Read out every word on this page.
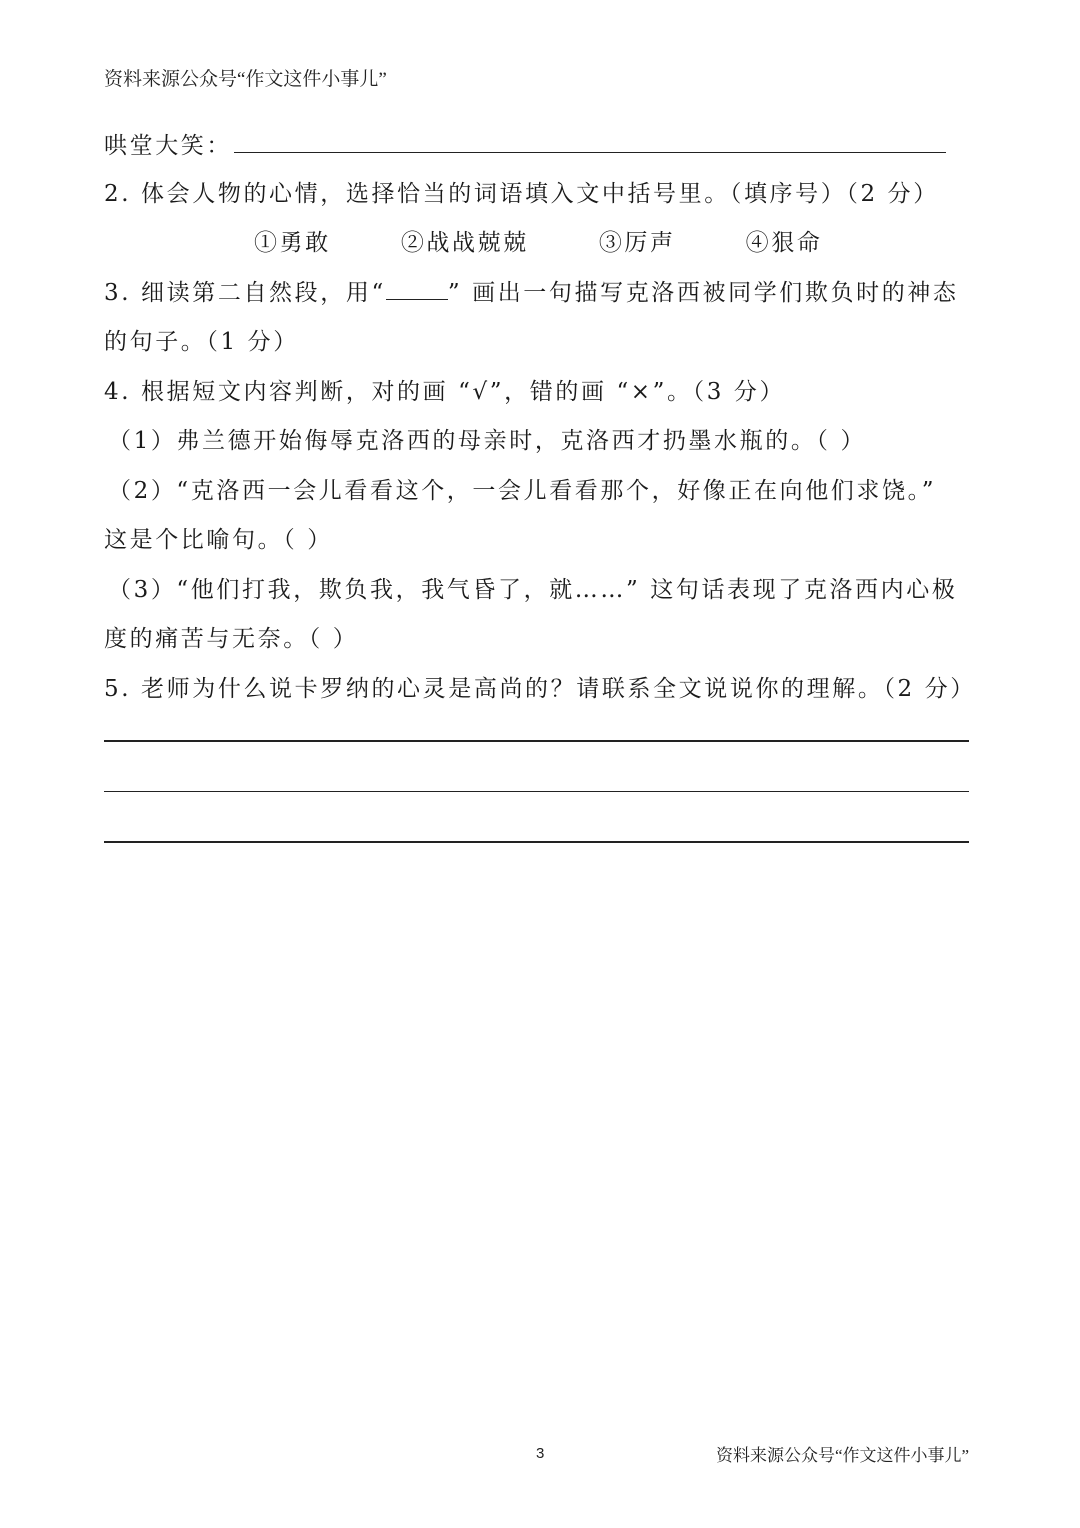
资料来源公众号“作文这件小事儿”
哄堂大笑：
2. 体会人物的心情，选择恰当的词语填入文中括号里。（填序号）（2 分）
①勇敢	②战战兢兢	③厉声	④狠命
3. 细读第二自然段，用“	” 画出一句描写克洛西被同学们欺负时的神态
的句子。（1 分）
4. 根据短文内容判断，对的画 “√”，错的画 “×”。（3 分）
（1）弗兰德开始侮辱克洛西的母亲时，克洛西才扔墨水瓶的。（ ）
（2）“克洛西一会儿看看这个，一会儿看看那个，好像正在向他们求饶。”
这是个比喻句。（ ）
（3）“他们打我，欺负我，我气昏了，就……” 这句话表现了克洛西内心极
度的痛苦与无奈。（ ）
5. 老师为什么说卡罗纳的心灵是高尚的？请联系全文说说你的理解。（2 分）
3	资料来源公众号“作文这件小事儿”
